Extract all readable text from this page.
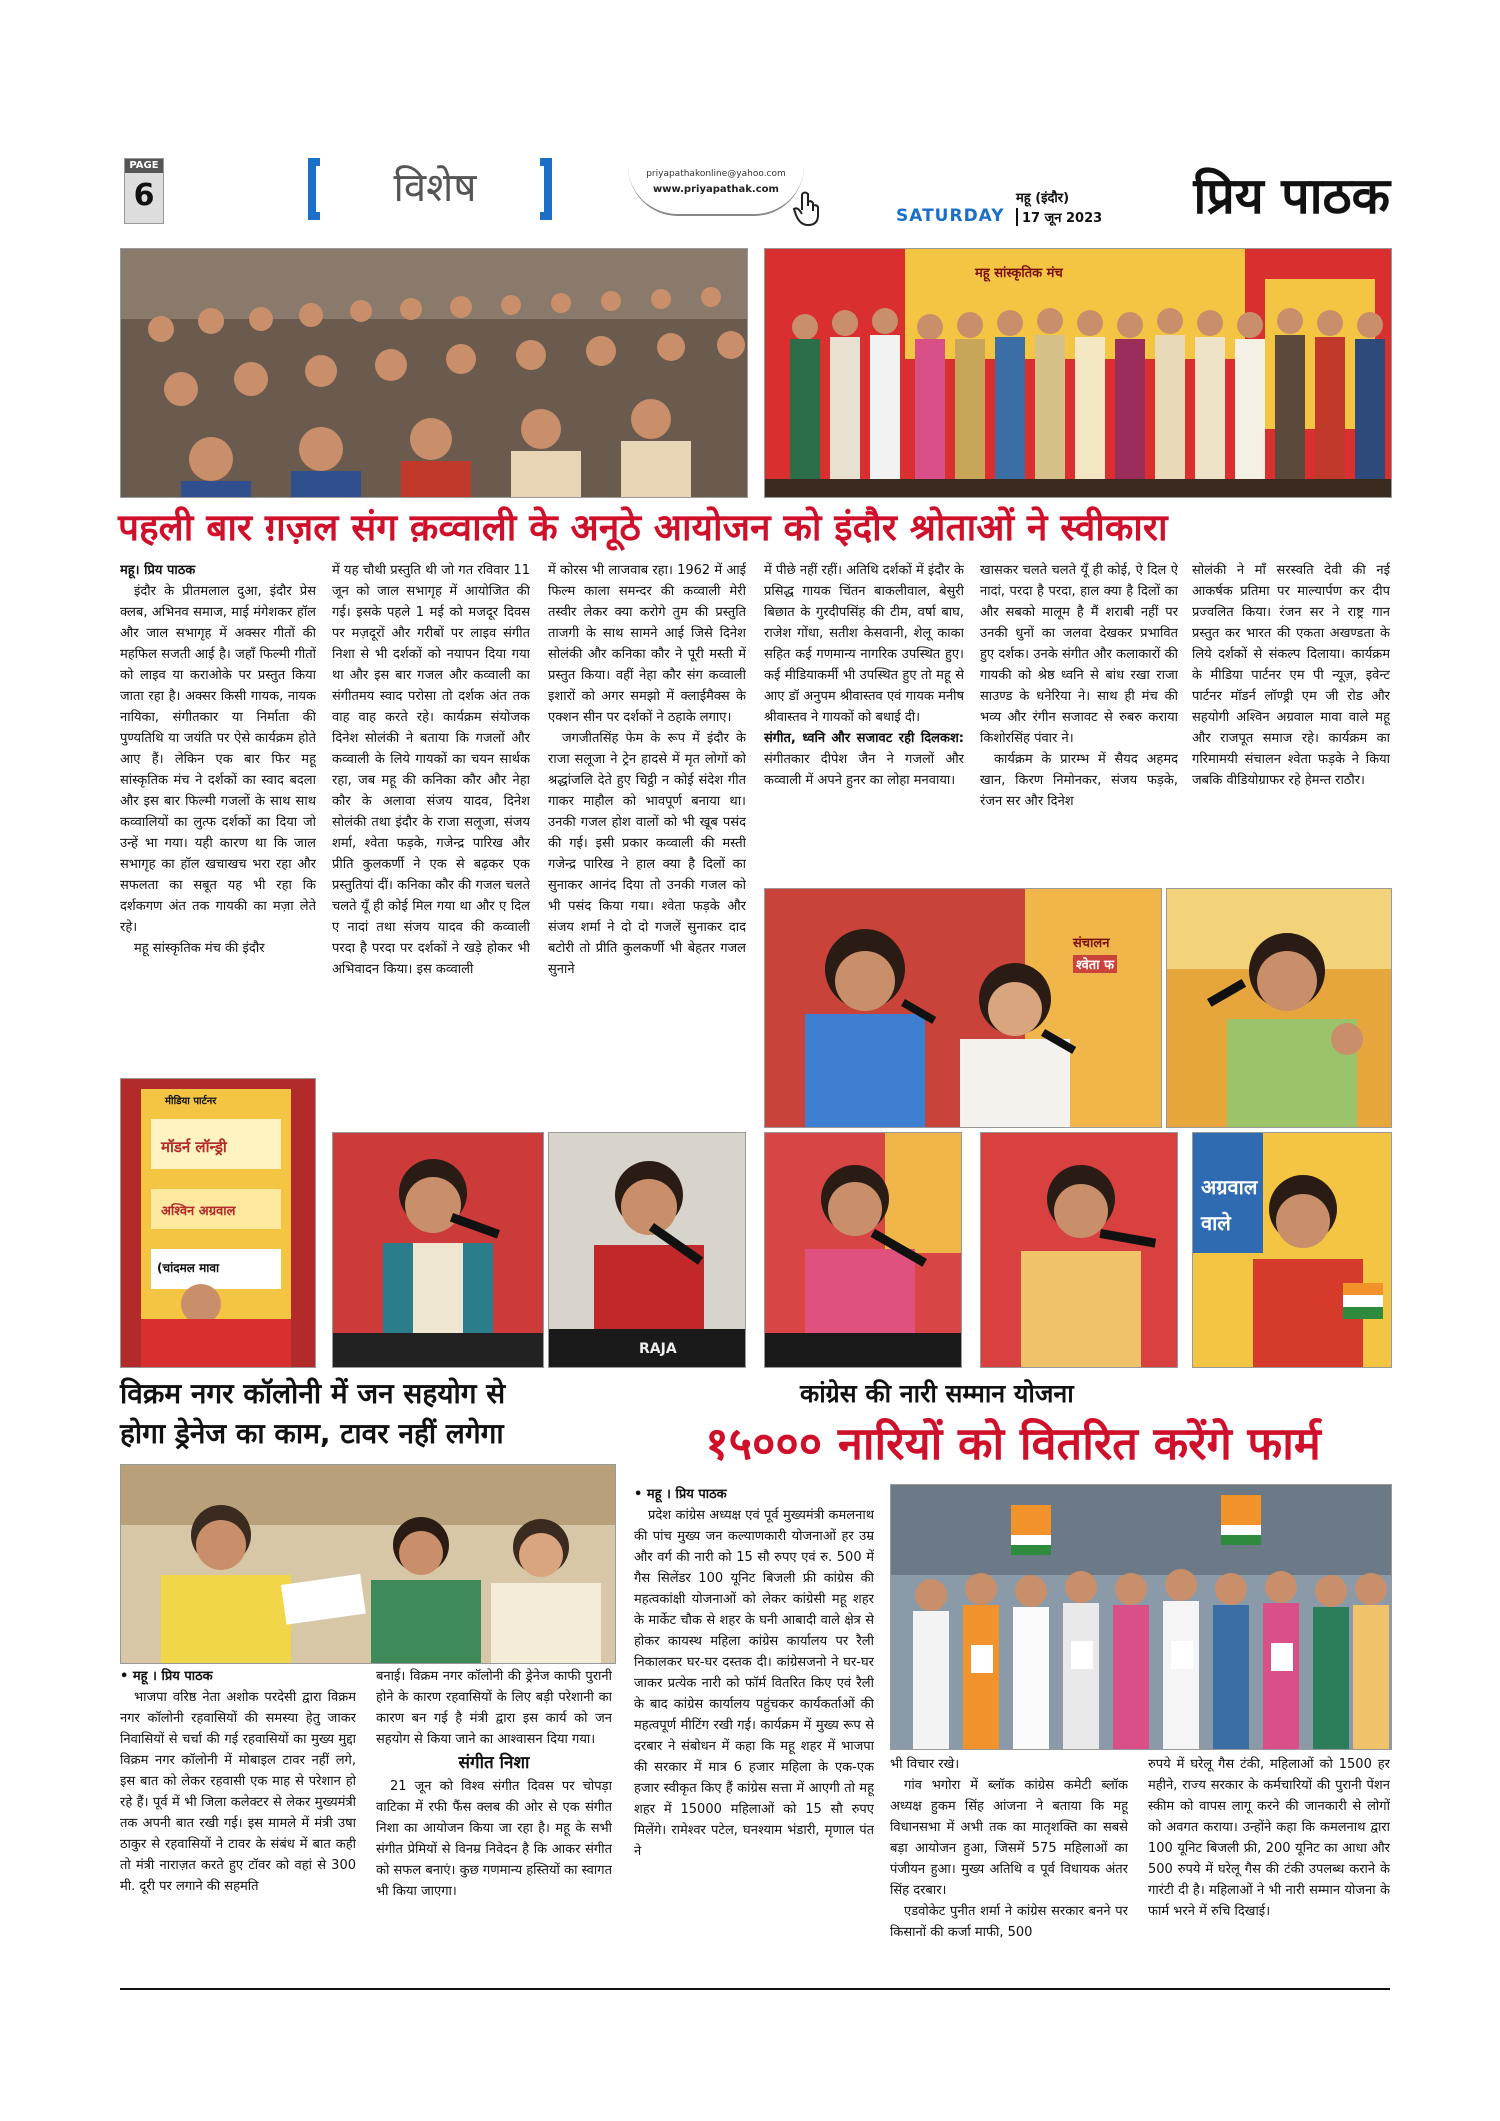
PAGE
6	विशेष	priyapathakonline@yahoo.com
www.priyapathak.com
SATURDAY
महू (इंदौर)
17 जून 2023	प्रिय पाठक
महू सांस्कृतिक मंच
पहली बार ग़ज़ल संग क़व्वाली के अनूठे आयोजन को इंदौर श्रोताओं ने स्वीकारा

महू। प्रिय पाठक

इंदौर के प्रीतमलाल दुआ, इंदौर प्रेस क्लब, अभिनव समाज, माई मंगेशकर हॉल और जाल सभागृह में अक्सर गीतों की महफिल सजती आई है। जहाँ फिल्मी गीतों को लाइव या कराओके पर प्रस्तुत किया जाता रहा है। अक्सर किसी गायक, नायक नायिका, संगीतकार या निर्माता की पुण्यतिथि या जयंति पर ऐसे कार्यक्रम होते आए हैं। लेकिन एक बार फिर महू सांस्कृतिक मंच ने दर्शकों का स्वाद बदला और इस बार फिल्मी गजलों के साथ साथ कव्वालियों का लुत्फ दर्शकों का दिया जो उन्हें भा गया। यही कारण था कि जाल सभागृह का हॉल खचाखच भरा रहा और सफलता का सबूत यह भी रहा कि दर्शकगण अंत तक गायकी का मज़ा लेते रहे।

महू सांस्कृतिक मंच की इंदौर

में यह चौथी प्रस्तुति थी जो गत रविवार 11 जून को जाल सभागृह में आयोजित की गई। इसके पहले 1 मई को मजदूर दिवस पर मज़दूरों और गरीबों पर लाइव संगीत निशा से भी दर्शकों को नयापन दिया गया था और इस बार गजल और कव्वाली का संगीतमय स्वाद परोसा तो दर्शक अंत तक वाह वाह करते रहे। कार्यक्रम संयोजक दिनेश सोलंकी ने बताया कि गजलों और कव्वाली के लिये गायकों का चयन सार्थक रहा, जब महू की कनिका कौर और नेहा कौर के अलावा संजय यादव, दिनेश सोलंकी तथा इंदौर के राजा सलूजा, संजय शर्मा, श्वेता फड़के, गजेन्द्र पारिख और प्रीति कुलकर्णी ने एक से बढ़कर एक प्रस्तुतियां दीं। कनिका कौर की गजल चलते चलते यूँ ही कोई मिल गया था और ए दिल ए नादां तथा संजय यादव की कव्वाली परदा है परदा पर दर्शकों ने खड़े होकर भी अभिवादन किया। इस कव्वाली

में कोरस भी लाजवाब रहा। 1962 में आई फिल्म काला समन्दर की कव्वाली मेरी तस्वीर लेकर क्या करोगे तुम की प्रस्तुति ताजगी के साथ सामने आई जिसे दिनेश सोलंकी और कनिका कौर ने पूरी मस्ती में प्रस्तुत किया। वहीं नेहा कौर संग कव्वाली इशारों को अगर समझो में क्लाईमैक्स के एक्शन सीन पर दर्शकों ने ठहाके लगाए।

जगजीतसिंह फेम के रूप में इंदौर के राजा सलूजा ने ट्रेन हादसे में मृत लोगों को श्रद्धांजलि देते हुए चिट्ठी न कोई संदेश गीत गाकर माहौल को भावपूर्ण बनाया था। उनकी गजल होश वालों को भी खूब पसंद की गई। इसी प्रकार कव्वाली की मस्ती गजेन्द्र पारिख ने हाल क्या है दिलों का सुनाकर आनंद दिया तो उनकी गजल को भी पसंद किया गया। श्वेता फड़के और संजय शर्मा ने दो दो गजलें सुनाकर दाद बटोरी तो प्रीति कुलकर्णी भी बेहतर गजल सुनाने

में पीछे नहीं रहीं। अतिथि दर्शकों में इंदौर के प्रसिद्ध गायक चिंतन बाकलीवाल, बेसुरी बिछात के गुरदीपसिंह की टीम, वर्षा बाघ, राजेश गोंधा, सतीश केसवानी, शेलू काका सहित कई गणमान्य नागरिक उपस्थित हुए। कई मीडियाकर्मी भी उपस्थित हुए तो महू से आए डॉ अनुपम श्रीवास्तव एवं गायक मनीष श्रीवास्तव ने गायकों को बधाई दी।

संगीत, ध्वनि और सजावट रही दिलकश: संगीतकार दीपेश जैन ने गजलों और कव्वाली में अपने हुनर का लोहा मनवाया।

खासकर चलते चलते यूँ ही कोई, ऐ दिल ऐ नादां, परदा है परदा, हाल क्या है दिलों का और सबको मालूम है मैं शराबी नहीं पर उनकी धुनों का जलवा देखकर प्रभावित हुए दर्शक। उनके संगीत और कलाकारों की गायकी को श्रेष्ठ ध्वनि से बांध रखा राजा साउण्ड के धनेरिया ने। साथ ही मंच की भव्य और रंगीन सजावट से रुबरु कराया किशोरसिंह पंवार ने।

कार्यक्रम के प्रारम्भ में सैयद अहमद खान, किरण निमोनकर, संजय फड़के, रंजन सर और दिनेश

सोलंकी ने माँ सरस्वति देवी की नई आकर्षक प्रतिमा पर माल्यार्पण कर दीप प्रज्वलित किया। रंजन सर ने राष्ट्र गान प्रस्तुत कर भारत की एकता अखण्डता के लिये दर्शकों से संकल्प दिलाया। कार्यक्रम के मीडिया पार्टनर एम पी न्यूज़, इवेन्ट पार्टनर मॉडर्न लॉण्ड्री एम जी रोड और सहयोगी अश्विन अग्रवाल मावा वाले महू और राजपूत समाज रहे। कार्यक्रम का गरिमामयी संचालन श्वेता फड़के ने किया जबकि वीडियोग्राफर रहे हेमन्त राठौर।

संचालन
श्वेता फ
मीडिया पार्टनर
मॉडर्न लॉन्ड्री
अश्विन अग्रवाल
(चांदमल मावा
RAJA
अग्रवाल
वाले
विक्रम नगर कॉलोनी में जन सहयोग से
होगा ड्रेनेज का काम, टावर नहीं लगेगा

• महू । प्रिय पाठक

भाजपा वरिष्ठ नेता अशोक परदेसी द्वारा विक्रम नगर कॉलोनी रहवासियों की समस्या हेतु जाकर निवासियों से चर्चा की गई रहवासियों का मुख्य मुद्दा विक्रम नगर कॉलोनी में मोबाइल टावर नहीं लगे, इस बात को लेकर रहवासी एक माह से परेशान हो रहे हैं। पूर्व में भी जिला कलेक्टर से लेकर मुख्यमंत्री तक अपनी बात रखी गई। इस मामले में मंत्री उषा ठाकुर से रहवासियों ने टावर के संबंध में बात कही तो मंत्री नाराज़त करते हुए टॉवर को वहां से 300 मी. दूरी पर लगाने की सहमति

बनाई। विक्रम नगर कॉलोनी की ड्रेनेज काफी पुरानी होने के कारण रहवासियों के लिए बड़ी परेशानी का कारण बन गई है मंत्री द्वारा इस कार्य को जन सहयोग से किया जाने का आश्वासन दिया गया।

संगीत निशा

21 जून को विश्व संगीत दिवस पर चोपड़ा वाटिका में रफी फैंस क्लब की ओर से एक संगीत निशा का आयोजन किया जा रहा है। महू के सभी संगीत प्रेमियों से विनम्र निवेदन है कि आकर संगीत को सफल बनाएं। कुछ गणमान्य हस्तियों का स्वागत भी किया जाएगा।

कांग्रेस की नारी सम्मान योजना
१५००० नारियों को वितरित करेंगे फार्म

• महू । प्रिय पाठक

प्रदेश कांग्रेस अध्यक्ष एवं पूर्व मुख्यमंत्री कमलनाथ की पांच मुख्य जन कल्याणकारी योजनाओं हर उम्र और वर्ग की नारी को 15 सौ रुपए एवं रु. 500 में गैस सिलेंडर 100 यूनिट बिजली फ्री कांग्रेस की महत्वकांक्षी योजनाओं को लेकर कांग्रेसी महू शहर के मार्केट चौक से शहर के घनी आबादी वाले क्षेत्र से होकर कायस्थ महिला कांग्रेस कार्यालय पर रैली निकालकर घर-घर दस्तक दी। कांग्रेसजनो ने घर-घर जाकर प्रत्येक नारी को फॉर्म वितरित किए एवं रैली के बाद कांग्रेस कार्यालय पहुंचकर कार्यकर्ताओं की महत्वपूर्ण मीटिंग रखी गई। कार्यक्रम में मुख्य रूप से दरबार ने संबोधन में कहा कि महू शहर में भाजपा की सरकार में मात्र 6 हजार महिला के एक-एक हजार स्वीकृत किए हैं कांग्रेस सत्ता में आएगी तो महू शहर में 15000 महिलाओं को 15 सौ रुपए मिलेंगे। रामेश्वर पटेल, घनश्याम भंडारी, मृणाल पंत ने

भी विचार रखे।

गांव भगोरा में ब्लॉक कांग्रेस कमेटी ब्लॉक अध्यक्ष हुकम सिंह आंजना ने बताया कि महू विधानसभा में अभी तक का मातृशक्ति का सबसे बड़ा आयोजन हुआ, जिसमें 575 महिलाओं का पंजीयन हुआ। मुख्य अतिथि व पूर्व विधायक अंतर सिंह दरबार।

एडवोकेट पुनीत शर्मा ने कांग्रेस सरकार बनने पर किसानों की कर्जा माफी, 500

रुपये में घरेलू गैस टंकी, महिलाओं को 1500 हर महीने, राज्य सरकार के कर्मचारियों की पुरानी पेंशन स्कीम को वापस लागू करने की जानकारी से लोगों को अवगत कराया। उन्होंने कहा कि कमलनाथ द्वारा 100 यूनिट बिजली फ्री, 200 यूनिट का आधा और 500 रुपये में घरेलू गैस की टंकी उपलब्ध कराने के गारंटी दी है। महिलाओं ने भी नारी सम्मान योजना के फार्म भरने में रुचि दिखाई।
